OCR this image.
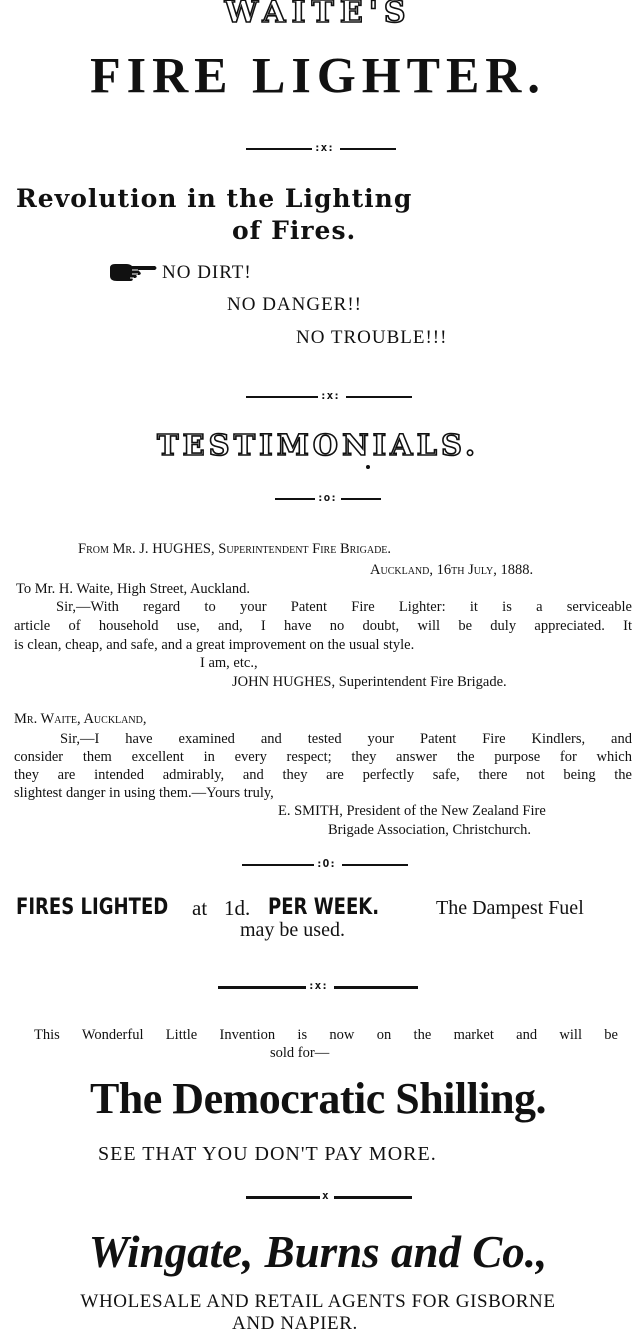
WAITE'S
FIRE LIGHTER.
:x:
Revolution in the Lighting
of Fires.
NO DIRT!
NO DANGER!!
NO TROUBLE!!!
:x:
TESTIMONIALS.
:o:
From Mr. J. HUGHES, Superintendent Fire Brigade.
Auckland, 16th July, 1888.
To Mr. H. Waite, High Street, Auckland.
Sir,—With regard to your Patent Fire Lighter: it is a serviceable
article of household use, and, I have no doubt, will be duly appreciated. It
is clean, cheap, and safe, and a great improvement on the usual style.
I am, etc.,
JOHN HUGHES, Superintendent Fire Brigade.
Mr. Waite, Auckland,
Sir,—I have examined and tested your Patent Fire Kindlers, and
consider them excellent in every respect; they answer the purpose for which
they are intended admirably, and they are perfectly safe, there not being the
slightest danger in using them.—Yours truly,
E. SMITH, President of the New Zealand Fire
Brigade Association, Christchurch.
:O:
FIRES LIGHTED at 1d. PER WEEK.	The Dampest Fuel
may be used.
:x:
This Wonderful Little Invention is now on the market and will be
sold for—
The Democratic Shilling.
SEE THAT YOU DON'T PAY MORE.
x
Wingate, Burns and Co.,
WHOLESALE AND RETAIL AGENTS FOR GISBORNE
AND NAPIER.
